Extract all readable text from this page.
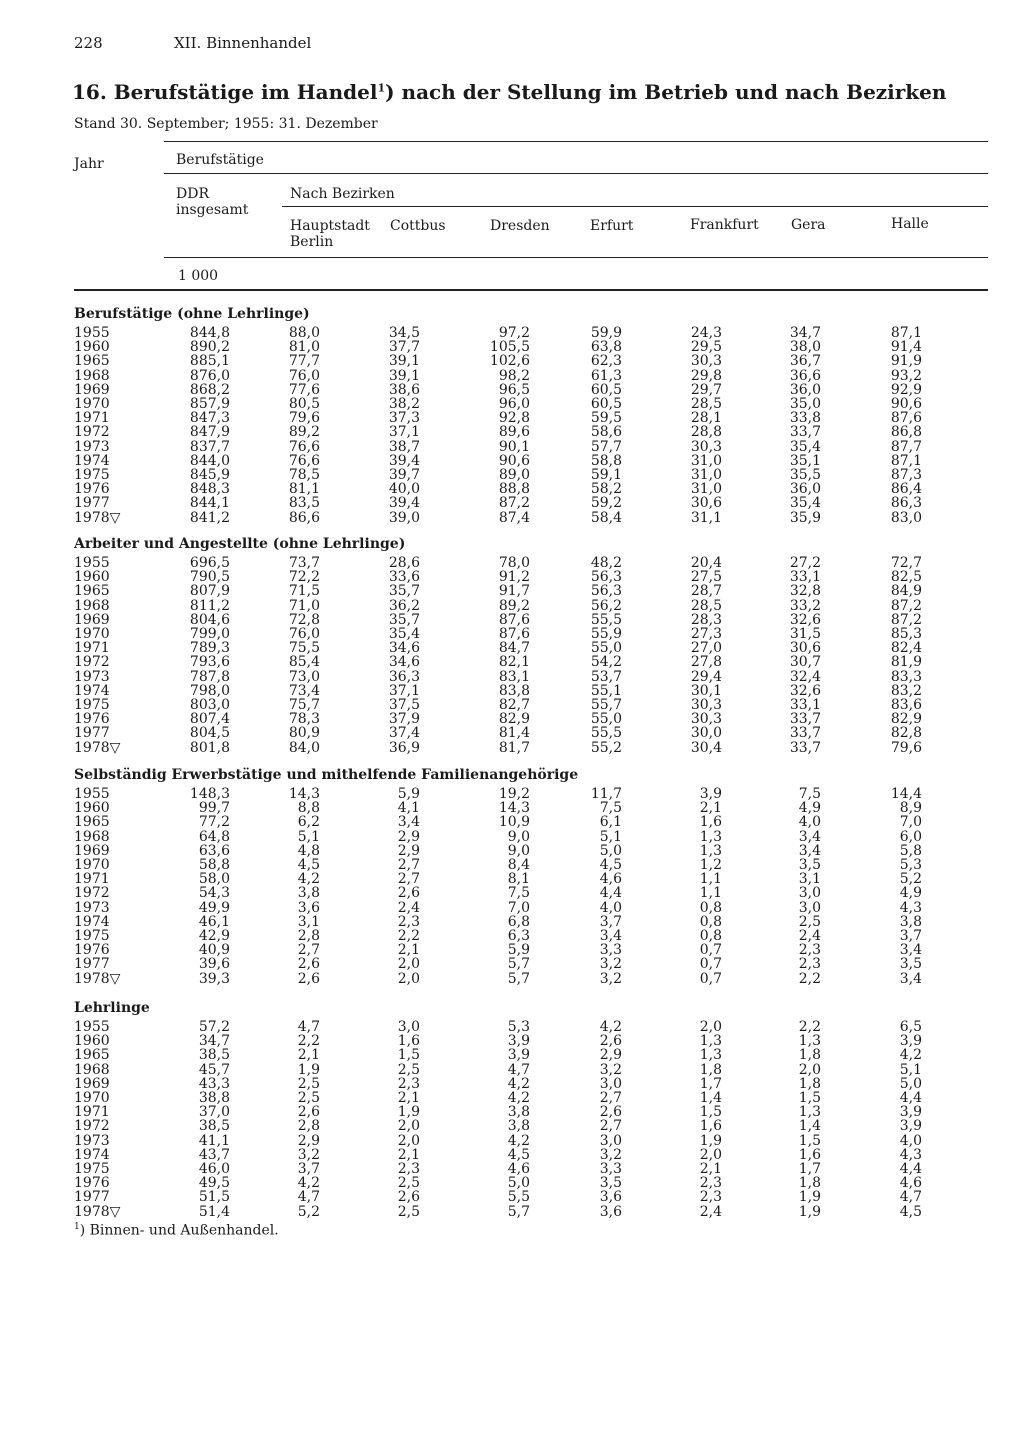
228	XII. Binnenhandel
16. Berufstätige im Handel$^1$) nach der Stellung im Betrieb und nach Bezirken
Stand 30. September; 1955: 31. Dezember
Jahr	Berufstätige
DDR
insgesamt
Nach Bezirken
Hauptstadt
Berlin
Cottbus	Dresden	Erfurt	Frankfurt Gera	Halle
1 000
Berufstätige (ohne Lehrlinge)
1955	844,8	88,0	34,5	97,2	59,9	24,3	34,7	87,1
1960	890,2	81,0	37,7	105,5	63,8	29,5	38,0	91,4
1965	885,1	77,7	39,1	102,6	62,3	30,3	36,7	91,9
1968	876,0	76,0	39,1	98,2	61,3	29,8	36,6	93,2
1969	868,2	77,6	38,6	96,5	60,5	29,7	36,0	92,9
1970	857,9	80,5	38,2	96,0	60,5	28,5	35,0	90,6
1971	847,3	79,6	37,3	92,8	59,5	28,1	33,8	87,6
1972	847,9	89,2	37,1	89,6	58,6	28,8	33,7	86,8
1973	837,7	76,6	38,7	90,1	57,7	30,3	35,4	87,7
1974	844,0	76,6	39,4	90,6	58,8	31,0	35,1	87,1
1975	845,9	78,5	39,7	89,0	59,1	31,0	35,5	87,3
1976	848,3	81,1	40,0	88,8	58,2	31,0	36,0	86,4
1977	844,1	83,5	39,4	87,2	59,2	30,6	35,4	86,3
1978▽	841,2	86,6	39,0	87,4	58,4	31,1	35,9	83,0
Arbeiter und Angestellte (ohne Lehrlinge)
1955	696,5	73,7	28,6	78,0	48,2	20,4	27,2	72,7
1960	790,5	72,2	33,6	91,2	56,3	27,5	33,1	82,5
1965	807,9	71,5	35,7	91,7	56,3	28,7	32,8	84,9
1968	811,2	71,0	36,2	89,2	56,2	28,5	33,2	87,2
1969	804,6	72,8	35,7	87,6	55,5	28,3	32,6	87,2
1970	799,0	76,0	35,4	87,6	55,9	27,3	31,5	85,3
1971	789,3	75,5	34,6	84,7	55,0	27,0	30,6	82,4
1972	793,6	85,4	34,6	82,1	54,2	27,8	30,7	81,9
1973	787,8	73,0	36,3	83,1	53,7	29,4	32,4	83,3
1974	798,0	73,4	37,1	83,8	55,1	30,1	32,6	83,2
1975	803,0	75,7	37,5	82,7	55,7	30,3	33,1	83,6
1976	807,4	78,3	37,9	82,9	55,0	30,3	33,7	82,9
1977	804,5	80,9	37,4	81,4	55,5	30,0	33,7	82,8
1978▽	801,8	84,0	36,9	81,7	55,2	30,4	33,7	79,6
Selbständig Erwerbstätige und mithelfende Familienangehörige
1955	148,3	14,3	5,9	19,2	11,7	3,9	7,5	14,4
1960	99,7	8,8	4,1	14,3	7,5	2,1	4,9	8,9
1965	77,2	6,2	3,4	10,9	6,1	1,6	4,0	7,0
1968	64,8	5,1	2,9	9,0	5,1	1,3	3,4	6,0
1969	63,6	4,8	2,9	9,0	5,0	1,3	3,4	5,8
1970	58,8	4,5	2,7	8,4	4,5	1,2	3,5	5,3
1971	58,0	4,2	2,7	8,1	4,6	1,1	3,1	5,2
1972	54,3	3,8	2,6	7,5	4,4	1,1	3,0	4,9
1973	49,9	3,6	2,4	7,0	4,0	0,8	3,0	4,3
1974	46,1	3,1	2,3	6,8	3,7	0,8	2,5	3,8
1975	42,9	2,8	2,2	6,3	3,4	0,8	2,4	3,7
1976	40,9	2,7	2,1	5,9	3,3	0,7	2,3	3,4
1977	39,6	2,6	2,0	5,7	3,2	0,7	2,3	3,5
1978▽	39,3	2,6	2,0	5,7	3,2	0,7	2,2	3,4
Lehrlinge
1955	57,2	4,7	3,0	5,3	4,2	2,0	2,2	6,5
1960	34,7	2,2	1,6	3,9	2,6	1,3	1,3	3,9
1965	38,5	2,1	1,5	3,9	2,9	1,3	1,8	4,2
1968	45,7	1,9	2,5	4,7	3,2	1,8	2,0	5,1
1969	43,3	2,5	2,3	4,2	3,0	1,7	1,8	5,0
1970	38,8	2,5	2,1	4,2	2,7	1,4	1,5	4,4
1971	37,0	2,6	1,9	3,8	2,6	1,5	1,3	3,9
1972	38,5	2,8	2,0	3,8	2,7	1,6	1,4	3,9
1973	41,1	2,9	2,0	4,2	3,0	1,9	1,5	4,0
1974	43,7	3,2	2,1	4,5	3,2	2,0	1,6	4,3
1975	46,0	3,7	2,3	4,6	3,3	2,1	1,7	4,4
1976	49,5	4,2	2,5	5,0	3,5	2,3	1,8	4,6
1977	51,5	4,7	2,6	5,5	3,6	2,3	1,9	4,7
1978▽	51,4	5,2	2,5	5,7	3,6	2,4	1,9	4,5
$^1$) Binnen- und Außenhandel.
